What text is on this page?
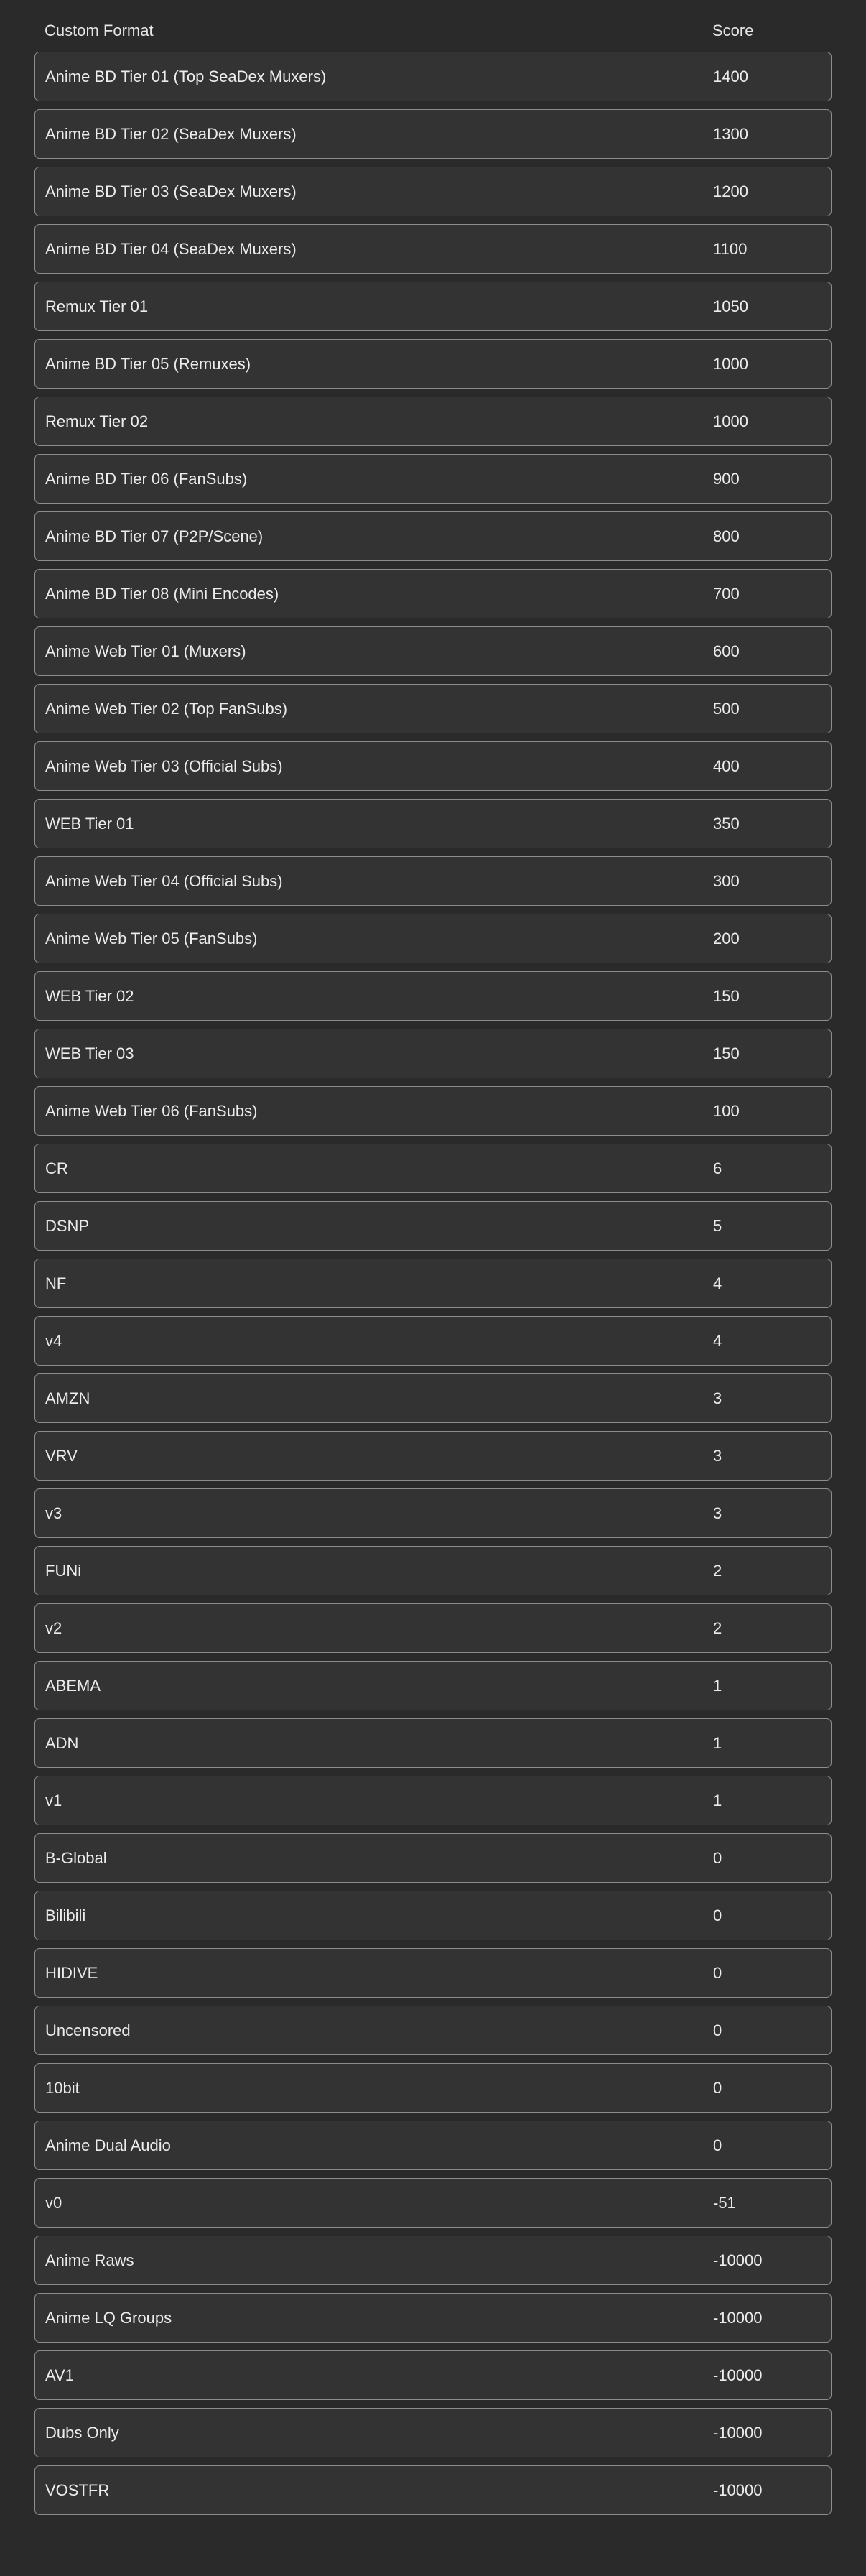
Custom Format	Score
Anime BD Tier 01 (Top SeaDex Muxers)	1400
Anime BD Tier 02 (SeaDex Muxers)	1300
Anime BD Tier 03 (SeaDex Muxers)	1200
Anime BD Tier 04 (SeaDex Muxers)	1100
Remux Tier 01	1050
Anime BD Tier 05 (Remuxes)	1000
Remux Tier 02	1000
Anime BD Tier 06 (FanSubs)	900
Anime BD Tier 07 (P2P/Scene)	800
Anime BD Tier 08 (Mini Encodes)	700
Anime Web Tier 01 (Muxers)	600
Anime Web Tier 02 (Top FanSubs)	500
Anime Web Tier 03 (Official Subs)	400
WEB Tier 01	350
Anime Web Tier 04 (Official Subs)	300
Anime Web Tier 05 (FanSubs)	200
WEB Tier 02	150
WEB Tier 03	150
Anime Web Tier 06 (FanSubs)	100
CR	6
DSNP	5
NF	4
v4	4
AMZN	3
VRV	3
v3	3
FUNi	2
v2	2
ABEMA	1
ADN	1
v1	1
B-Global	0
Bilibili	0
HIDIVE	0
Uncensored	0
10bit	0
Anime Dual Audio	0
v0	-51
Anime Raws	-10000
Anime LQ Groups	-10000
AV1	-10000
Dubs Only	-10000
VOSTFR	-10000
